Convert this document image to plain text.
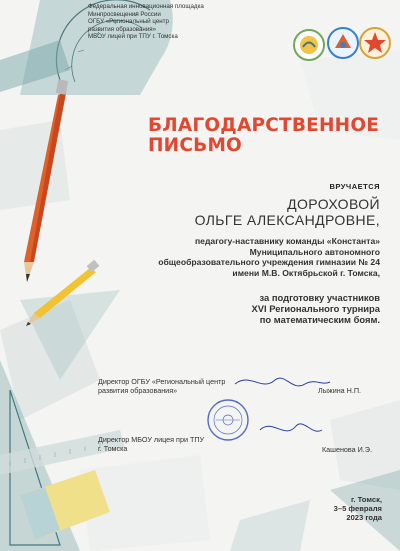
Федеральная инновационная площадка
Минпросвещения России
ОГБУ «Региональный центр
развития образования»
МБОУ лицей при ТПУ г. Томска
БЛАГОДАРСТВЕННОЕ
ПИСЬМО
ВРУЧАЕТСЯ
ДОРОХОВОЙ
ОЛЬГЕ АЛЕКСАНДРОВНЕ,
педагогу-наставнику команды «Константа»
Муниципального автономного
общеобразовательного учреждения гимназии № 24
имени М.В. Октябрьской г. Томска,
за подготовку участников
XVI Регионального турнира
по математическим боям.
Директор ОГБУ «Региональный центр
развития образования»	Лыжина Н.П.
Директор МБОУ лицея при ТПУ
г. Томска	Кашенова И.Э.
г. Томск,
3–5 февраля
2023 года
